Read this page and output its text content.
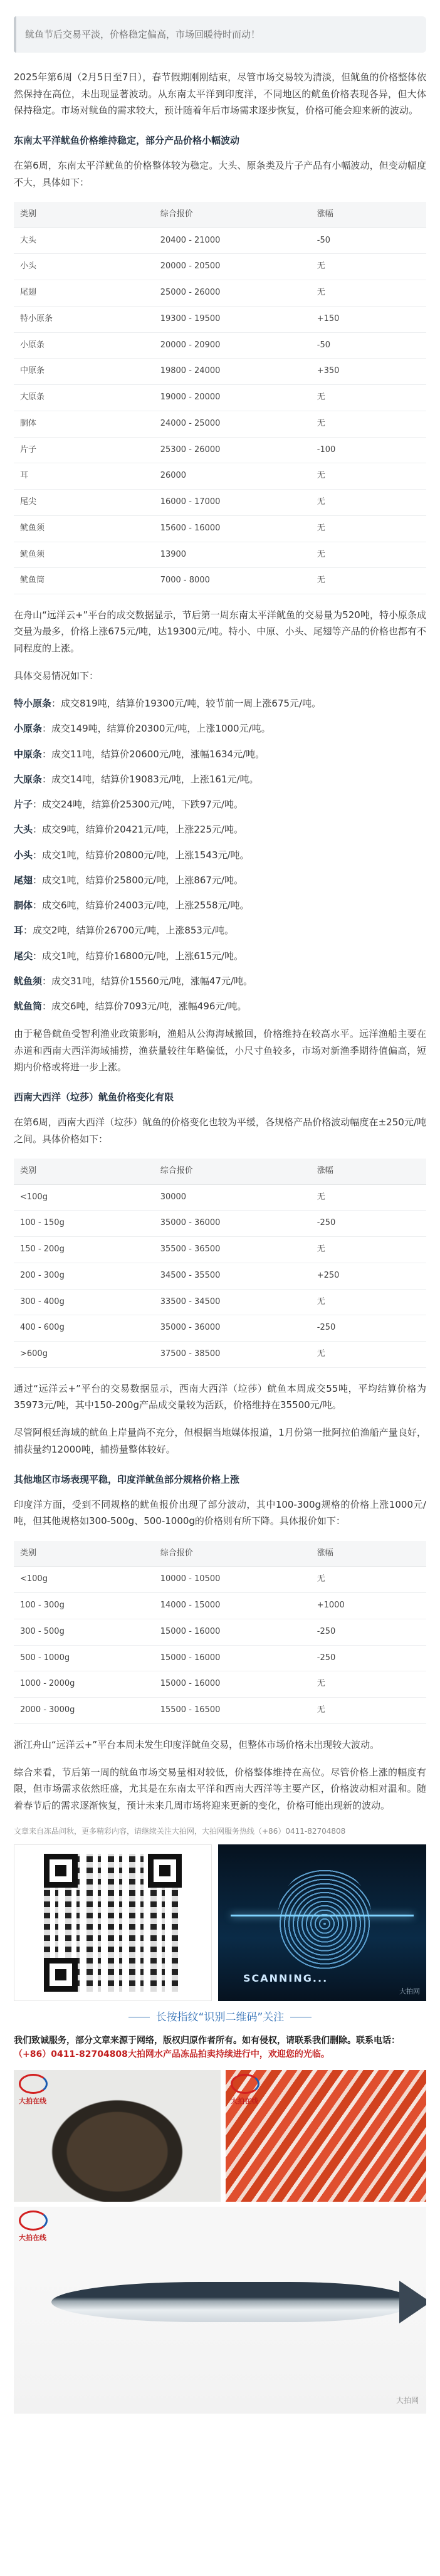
鱿鱼节后交易平淡，价格稳定偏高，市场回暖待时而动！

2025年第6周（2月5日至7日），春节假期刚刚结束，尽管市场交易较为清淡，但鱿鱼的价格整体依然保持在高位，未出现显著波动。从东南太平洋到印度洋，不同地区的鱿鱼价格表现各异，但大体保持稳定。市场对鱿鱼的需求较大，预计随着年后市场需求逐步恢复，价格可能会迎来新的波动。

东南太平洋鱿鱼价格维持稳定，部分产品价格小幅波动

在第6周，东南太平洋鱿鱼的价格整体较为稳定。大头、原条类及片子产品有小幅波动，但变动幅度不大，具体如下：

类别	综合报价	涨幅
大头	20400 - 21000	-50
小头	20000 - 20500	无
尾翅	25000 - 26000	无
特小原条	19300 - 19500	+150
小原条	20000 - 20900	-50
中原条	19800 - 24000	+350
大原条	19000 - 20000	无
胴体	24000 - 25000	无
片子	25300 - 26000	-100
耳	26000	无
尾尖	16000 - 17000	无
鱿鱼须	15600 - 16000	无
鱿鱼须	13900	无
鱿鱼筒	7000 - 8000	无

在舟山“远洋云+”平台的成交数据显示，节后第一周东南太平洋鱿鱼的交易量为520吨，特小原条成交量为最多，价格上涨675元/吨，达19300元/吨。特小、中原、小头、尾翅等产品的价格也都有不同程度的上涨。

具体交易情况如下：

特小原条：成交819吨，结算价19300元/吨，较节前一周上涨675元/吨。

小原条：成交149吨，结算价20300元/吨，上涨1000元/吨。

中原条：成交11吨，结算价20600元/吨，涨幅1634元/吨。

大原条：成交14吨，结算价19083元/吨，上涨161元/吨。

片子：成交24吨，结算价25300元/吨，下跌97元/吨。

大头：成交9吨，结算价20421元/吨，上涨225元/吨。

小头：成交1吨，结算价20800元/吨，上涨1543元/吨。

尾翅：成交1吨，结算价25800元/吨，上涨867元/吨。

胴体：成交6吨，结算价24003元/吨，上涨2558元/吨。

耳：成交2吨，结算价26700元/吨，上涨853元/吨。

尾尖：成交1吨，结算价16800元/吨，上涨615元/吨。

鱿鱼须：成交31吨，结算价15560元/吨，涨幅47元/吨。

鱿鱼筒：成交6吨，结算价7093元/吨，涨幅496元/吨。

由于秘鲁鱿鱼受智利渔业政策影响，渔船从公海海域撤回，价格维持在较高水平。远洋渔船主要在赤道和西南大西洋海域捕捞，渔获量较往年略偏低，小尺寸鱼较多，市场对新渔季期待值偏高，短期内价格或将进一步上涨。

西南大西洋（垃莎）鱿鱼价格变化有限

在第6周，西南大西洋（垃莎）鱿鱼的价格变化也较为平缓，各规格产品价格波动幅度在±250元/吨之间。具体价格如下：

类别	综合报价	涨幅
<100g	30000	无
100 - 150g	35000 - 36000	-250
150 - 200g	35500 - 36500	无
200 - 300g	34500 - 35500	+250
300 - 400g	33500 - 34500	无
400 - 600g	35000 - 36000	-250
>600g	37500 - 38500	无

通过“远洋云+”平台的交易数据显示，西南大西洋（垃莎）鱿鱼本周成交55吨，平均结算价格为35973元/吨，其中150-200g产品成交量较为活跃，价格维持在35500元/吨。

尽管阿根廷海域的鱿鱼上岸量尚不充分，但根据当地媒体报道，1月份第一批阿拉伯渔船产量良好，捕获量约12000吨，捕捞量整体较好。

其他地区市场表现平稳，印度洋鱿鱼部分规格价格上涨

印度洋方面，受到不同规格的鱿鱼报价出现了部分波动，其中100-300g规格的价格上涨1000元/吨，但其他规格如300-500g、500-1000g的价格则有所下降。具体报价如下：

类别	综合报价	涨幅
<100g	10000 - 10500	无
100 - 300g	14000 - 15000	+1000
300 - 500g	15000 - 16000	-250
500 - 1000g	15000 - 16000	-250
1000 - 2000g	15000 - 16000	无
2000 - 3000g	15500 - 16500	无

浙江舟山“远洋云+”平台本周未发生印度洋鱿鱼交易，但整体市场价格未出现较大波动。

综合来看，节后第一周的鱿鱼市场交易量相对较低，价格整体维持在高位。尽管价格上涨的幅度有限，但市场需求依然旺盛，尤其是在东南太平洋和西南大西洋等主要产区，价格波动相对温和。随着春节后的需求逐渐恢复，预计未来几周市场将迎来更新的变化，价格可能出现新的波动。

文章来自冻品问秋，更多精彩内容，请继续关注大拍网，大拍网服务热线（+86）0411-82704808

SCANNING...
大拍网

长按指纹“识别二维码”关注

我们致诚服务，部分文章来源于网络，版权归原作者所有。如有侵权，请联系我们删除。联系电话：（+86）0411-82704808大拍网水产品冻品拍卖持续进行中，欢迎您的光临。

大拍在线	大拍在线
大拍在线
大拍网
